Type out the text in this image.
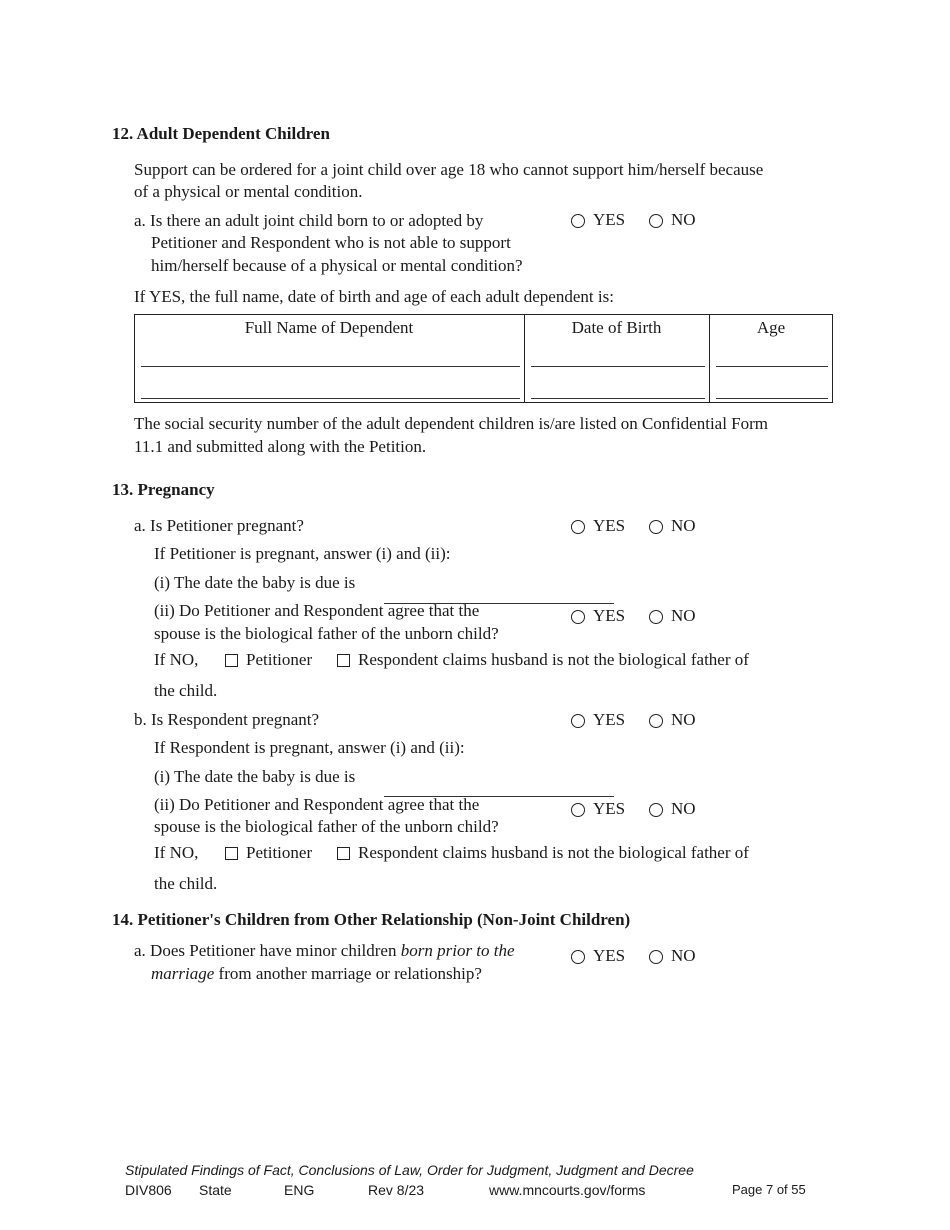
12. Adult Dependent Children
Support can be ordered for a joint child over age 18 who cannot support him/herself because
of a physical or mental condition.
a. Is there an adult joint child born to or adopted by
Petitioner and Respondent who is not able to support
him/herself because of a physical or mental condition?
YES	NO
If YES, the full name, date of birth and age of each adult dependent is:
Full Name of Dependent	Date of Birth	Age
The social security number of the adult dependent children is/are listed on Confidential Form
11.1 and submitted along with the Petition.
13. Pregnancy
a. Is Petitioner pregnant?	YES	NO
If Petitioner is pregnant, answer (i) and (ii):
(i) The date the baby is due is
(ii) Do Petitioner and Respondent agree that the
spouse is the biological father of the unborn child?
YES	NO
If NO,	Petitioner	Respondent claims husband is not the biological father of
the child.
b. Is Respondent pregnant?	YES	NO
If Respondent is pregnant, answer (i) and (ii):
(i) The date the baby is due is
(ii) Do Petitioner and Respondent agree that the
spouse is the biological father of the unborn child?
YES	NO
If NO,	Petitioner	Respondent claims husband is not the biological father of
the child.
14. Petitioner's Children from Other Relationship (Non-Joint Children)
a. Does Petitioner have minor children born prior to the
marriage from another marriage or relationship?
YES	NO
Stipulated Findings of Fact, Conclusions of Law, Order for Judgment, Judgment and Decree
DIV806 State	ENG	Rev 8/23	www.mncourts.gov/forms	Page 7 of 55
